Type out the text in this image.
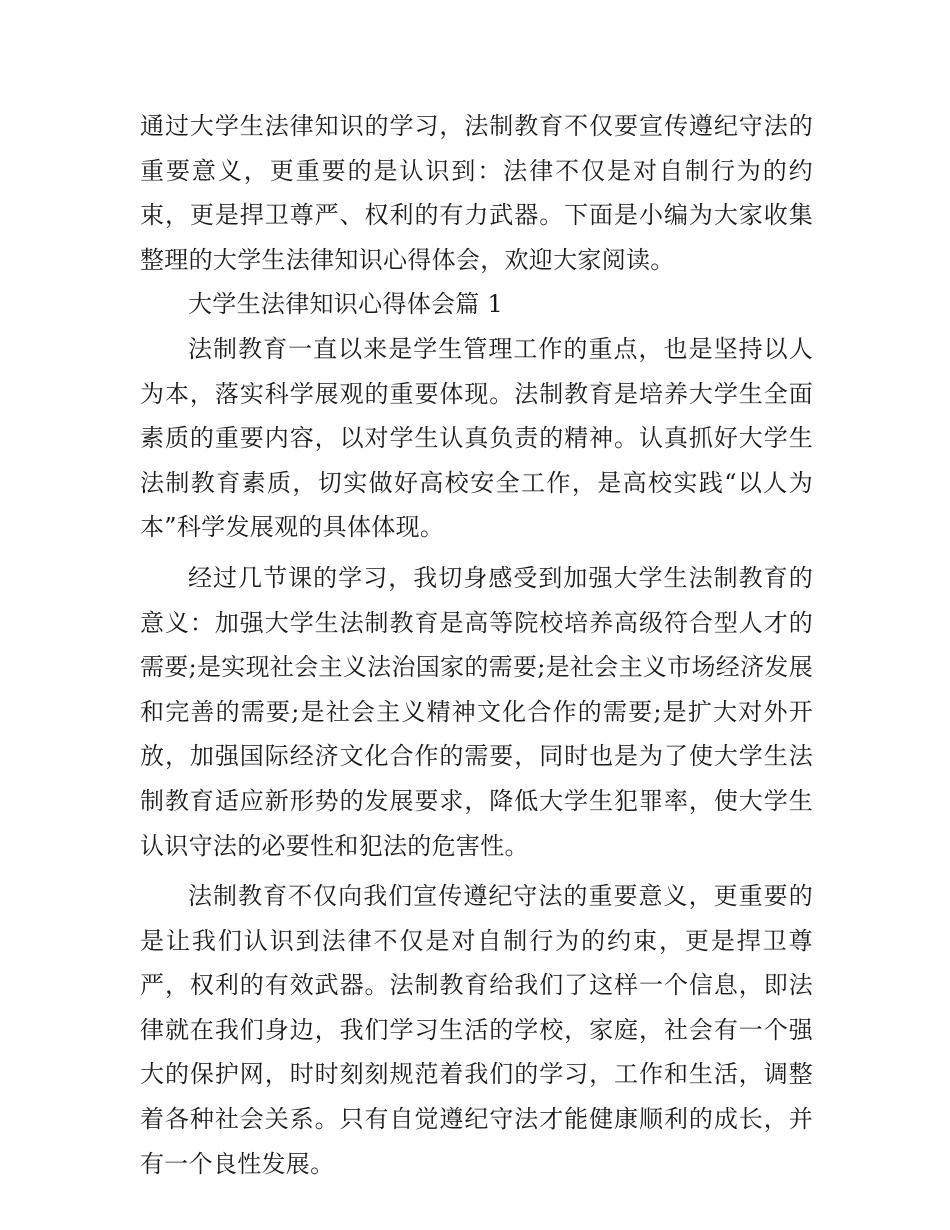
通过大学生法律知识的学习，法制教育不仅要宣传遵纪守法的重要意义，更重要的是认识到：法律不仅是对自制行为的约束，更是捍卫尊严、权利的有力武器。下面是小编为大家收集整理的大学生法律知识心得体会，欢迎大家阅读。

大学生法律知识心得体会篇 1

法制教育一直以来是学生管理工作的重点，也是坚持以人为本，落实科学展观的重要体现。法制教育是培养大学生全面素质的重要内容，以对学生认真负责的精神。认真抓好大学生法制教育素质，切实做好高校安全工作，是高校实践“以人为本”科学发展观的具体体现。

经过几节课的学习，我切身感受到加强大学生法制教育的意义：加强大学生法制教育是高等院校培养高级符合型人才的需要;是实现社会主义法治国家的需要;是社会主义市场经济发展和完善的需要;是社会主义精神文化合作的需要;是扩大对外开放，加强国际经济文化合作的需要，同时也是为了使大学生法制教育适应新形势的发展要求，降低大学生犯罪率，使大学生认识守法的必要性和犯法的危害性。

法制教育不仅向我们宣传遵纪守法的重要意义，更重要的是让我们认识到法律不仅是对自制行为的约束，更是捍卫尊严，权利的有效武器。法制教育给我们了这样一个信息，即法律就在我们身边，我们学习生活的学校，家庭，社会有一个强大的保护网，时时刻刻规范着我们的学习，工作和生活，调整着各种社会关系。只有自觉遵纪守法才能健康顺利的成长，并有一个良性发展。
